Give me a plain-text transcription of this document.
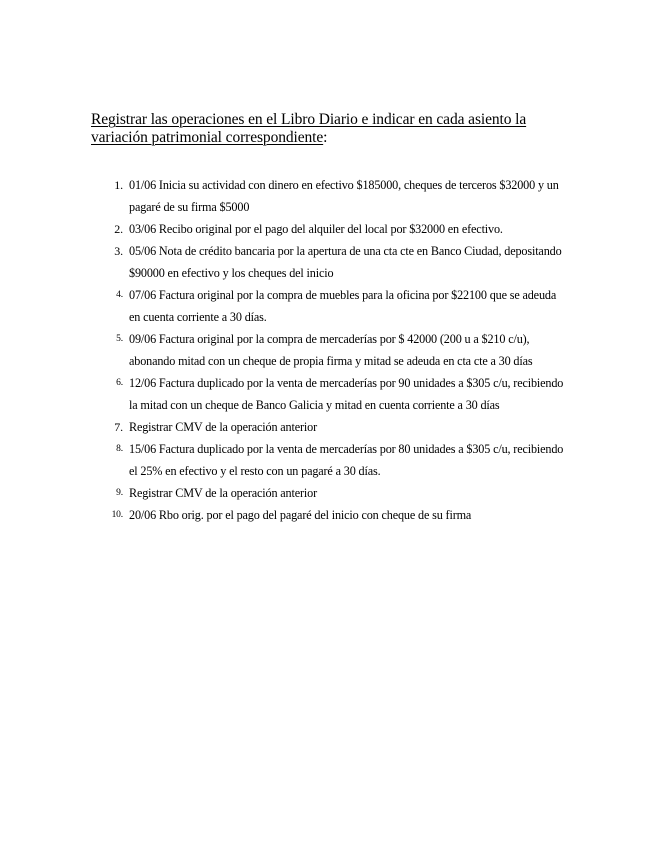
Registrar las operaciones en el Libro Diario e indicar en cada asiento la variación patrimonial correspondiente:
1. 01/06 Inicia su actividad con dinero en efectivo $185000, cheques de terceros $32000 y un pagaré de su firma $5000
2. 03/06 Recibo original por el pago del alquiler del local por $32000 en efectivo.
3. 05/06 Nota de crédito bancaria por la apertura de una cta cte en Banco Ciudad, depositando $90000 en efectivo y los cheques del inicio
4. 07/06 Factura original por la compra de muebles para la oficina por $22100 que se adeuda en cuenta corriente a 30 días.
5. 09/06 Factura original por la compra de mercaderías por $ 42000 (200 u a $210 c/u), abonando mitad con un cheque de propia firma y mitad se adeuda en cta cte a 30 días
6. 12/06 Factura duplicado por la venta de mercaderías por 90 unidades a $305 c/u, recibiendo la mitad con un cheque de Banco Galicia y mitad en cuenta corriente a 30 días
7. Registrar CMV de la operación anterior
8. 15/06 Factura duplicado por la venta de mercaderías por 80 unidades a $305 c/u, recibiendo el 25% en efectivo y el resto con un pagaré a 30 días.
9. Registrar CMV de la operación anterior
10. 20/06 Rbo orig. por el pago del pagaré del inicio con cheque de su firma
